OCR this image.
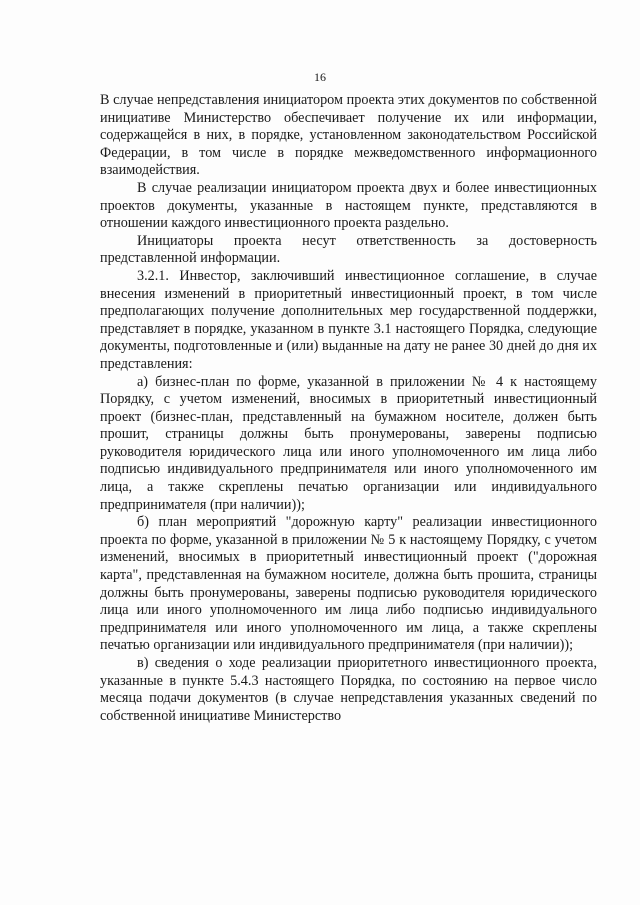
16

В случае непредставления инициатором проекта этих документов по собственной инициативе Министерство обеспечивает получение их или информации, содержащейся в них, в порядке, установленном законодательством Российской Федерации, в том числе в порядке межведомственного информационного взаимодействия.

В случае реализации инициатором проекта двух и более инвестиционных проектов документы, указанные в настоящем пункте, представляются в отношении каждого инвестиционного проекта раздельно.

Инициаторы проекта несут ответственность за достоверность представленной информации.

3.2.1. Инвестор, заключивший инвестиционное соглашение, в случае внесения изменений в приоритетный инвестиционный проект, в том числе предполагающих получение дополнительных мер государственной поддержки, представляет в порядке, указанном в пункте 3.1 настоящего Порядка, следующие документы, подготовленные и (или) выданные на дату не ранее 30 дней до дня их представления:

а) бизнес-план по форме, указанной в приложении № 4 к настоящему Порядку, с учетом изменений, вносимых в приоритетный инвестиционный проект (бизнес-план, представленный на бумажном носителе, должен быть прошит, страницы должны быть пронумерованы, заверены подписью руководителя юридического лица или иного уполномоченного им лица либо подписью индивидуального предпринимателя или иного уполномоченного им лица, а также скреплены печатью организации или индивидуального предпринимателя (при наличии));

б) план мероприятий "дорожную карту" реализации инвестиционного проекта по форме, указанной в приложении № 5 к настоящему Порядку, с учетом изменений, вносимых в приоритетный инвестиционный проект ("дорожная карта", представленная на бумажном носителе, должна быть прошита, страницы должны быть пронумерованы, заверены подписью руководителя юридического лица или иного уполномоченного им лица либо подписью индивидуального предпринимателя или иного уполномоченного им лица, а также скреплены печатью организации или индивидуального предпринимателя (при наличии));

в) сведения о ходе реализации приоритетного инвестиционного проекта, указанные в пункте 5.4.3 настоящего Порядка, по состоянию на первое число месяца подачи документов (в случае непредставления указанных сведений по собственной инициативе Министерство
